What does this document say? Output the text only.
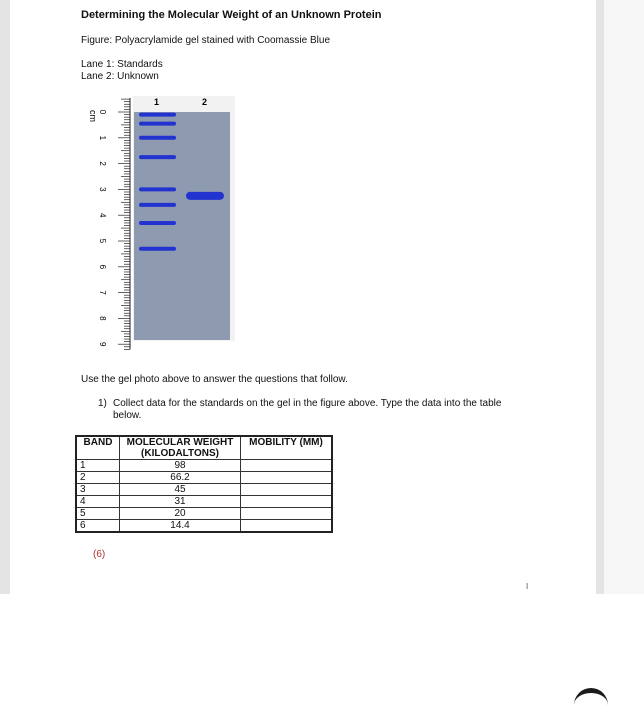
Determining the Molecular Weight of an Unknown Protein
Figure: Polyacrylamide gel stained with Coomassie Blue
Lane 1: Standards
Lane 2: Unknown
cm 0
1
2
3
4
5
6
7
8
9
1	2
Use the gel photo above to answer the questions that follow.
1) Collect data for the standards on the gel in the figure above. Type the data into the table below.
BAND	MOLECULAR WEIGHT (KILODALTONS)	MOBILITY (MM)
1	98	
2	66.2	
3	45	
4	31	
5	20	
6	14.4	
(6)
I
